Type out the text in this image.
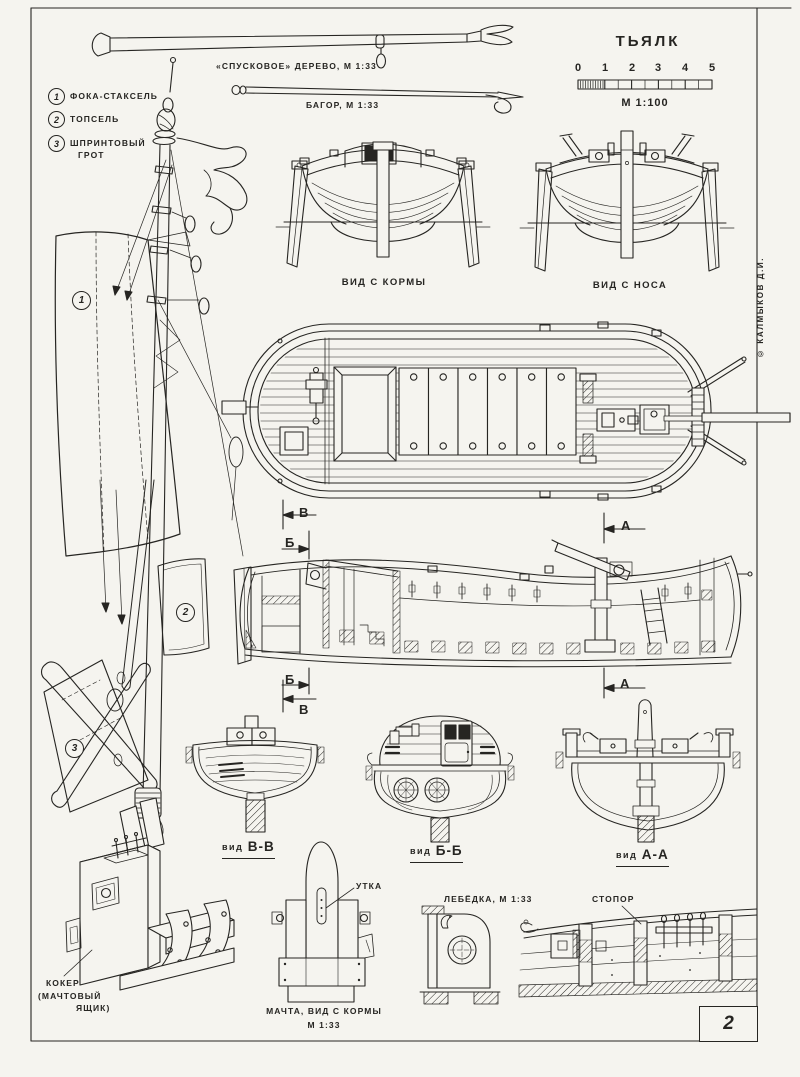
ТЬЯЛК
0 1 2 3 4 5
М 1:100
«СПУСКОВОЕ» ДЕРЕВО, М 1:33
БАГОР, М 1:33
1	ФОКА-СТАКСЕЛЬ
2	ТОПСЕЛЬ
3	ШПРИНТОВЫЙ
ГРОТ
ВИД С КОРМЫ	ВИД С НОСА	© КАЛМЫКОВ Д.И.
В
Б
А
Б
В
А
1
2
3
вид В-В	вид Б-Б	вид А-А
УТКА
ЛЕБЁДКА, М 1:33	СТОПОР
МАЧТА, ВИД С КОРМЫ
М 1:33
КОКЕР
(МАЧТОВЫЙ
ЯЩИК)
2
